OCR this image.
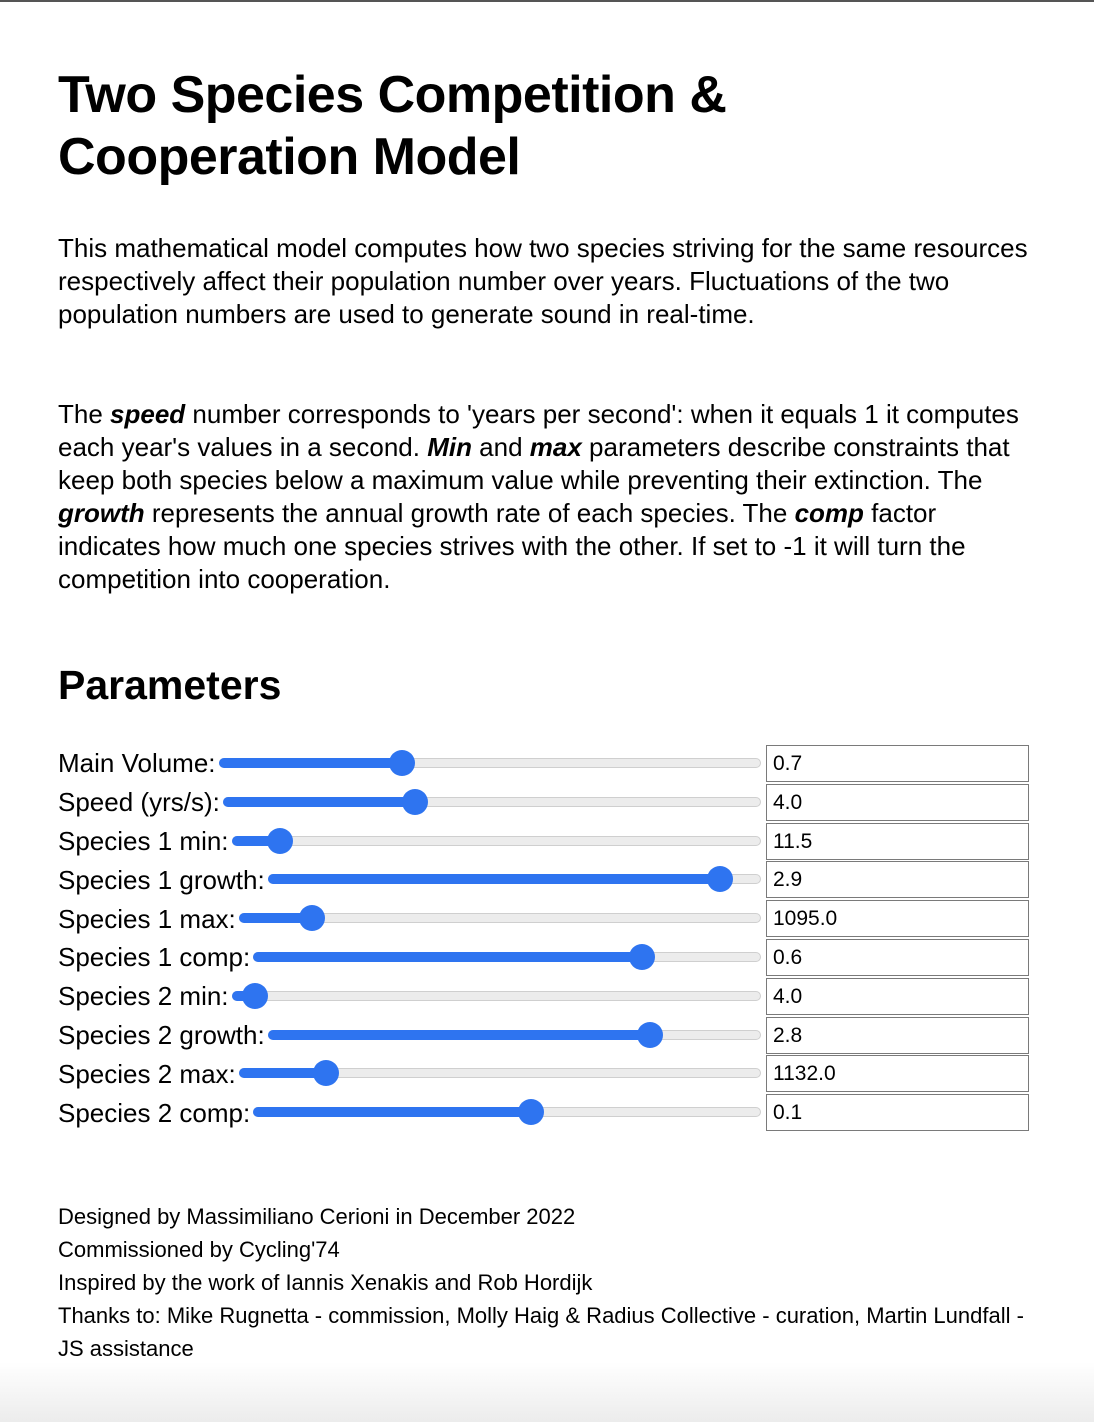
Two Species Competition & Cooperation Model

This mathematical model computes how two species striving for the same resources respectively affect their population number over years. Fluctuations of the two population numbers are used to generate sound in real-time.

The speed number corresponds to 'years per second': when it equals 1 it computes each year's values in a second. Min and max parameters describe constraints that keep both species below a maximum value while preventing their extinction. The growth represents the annual growth rate of each species. The comp factor indicates how much one species strives with the other. If set to -1 it will turn the competition into cooperation.

Parameters
Main Volume:	0.7
Speed (yrs/s):	4.0
Species 1 min:	11.5
Species 1 growth:	2.9
Species 1 max:	1095.0
Species 1 comp:	0.6
Species 2 min:	4.0
Species 2 growth:	2.8
Species 2 max:	1132.0
Species 2 comp:	0.1
Designed by Massimiliano Cerioni in December 2022
Commissioned by Cycling'74
Inspired by the work of Iannis Xenakis and Rob Hordijk
Thanks to: Mike Rugnetta - commission, Molly Haig & Radius Collective - curation, Martin Lundfall - JS assistance
